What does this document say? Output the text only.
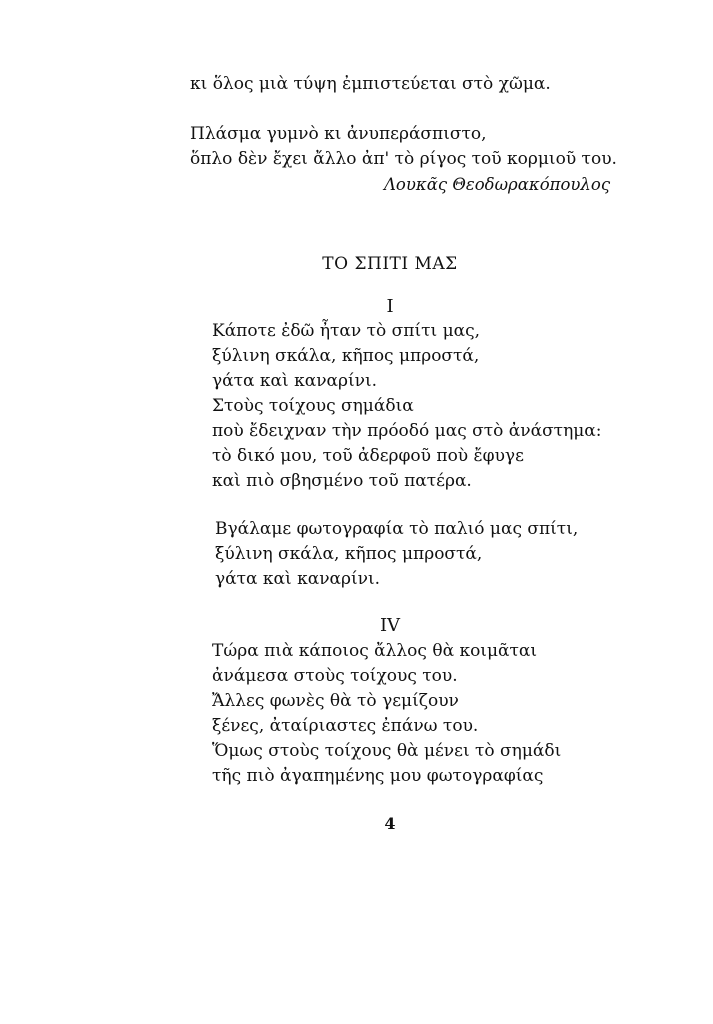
κι ὅλος μιὰ τύψη ἐμπιστεύεται στὸ χῶμα.
Πλάσμα γυμνὸ κι ἀνυπεράσπιστο,
ὅπλο δὲν ἔχει ἄλλο ἀπ' τὸ ρίγος τοῦ κορμιοῦ του.
Λουκᾶς Θεοδωρακόπουλος
ΤΟ ΣΠΙΤΙ ΜΑΣ
I
Κάποτε ἐδῶ ἦταν τὸ σπίτι μας,
ξύλινη σκάλα, κῆπος μπροστά,
γάτα καὶ καναρίνι.
Στοὺς τοίχους σημάδια
ποὺ ἔδειχναν τὴν πρόοδό μας στὸ ἀνάστημα:
τὸ δικό μου, τοῦ ἀδερφοῦ ποὺ ἔφυγε
καὶ πιὸ σβησμένο τοῦ πατέρα.
Βγάλαμε φωτογραφία τὸ παλιό μας σπίτι,
ξύλινη σκάλα, κῆπος μπροστά,
γάτα καὶ καναρίνι.
IV
Τώρα πιὰ κάποιος ἄλλος θὰ κοιμᾶται
ἀνάμεσα στοὺς τοίχους του.
Ἄλλες φωνὲς θὰ τὸ γεμίζουν
ξένες, ἀταίριαστες ἐπάνω του.
Ὅμως στοὺς τοίχους θὰ μένει τὸ σημάδι
τῆς πιὸ ἀγαπημένης μου φωτογραφίας
4
